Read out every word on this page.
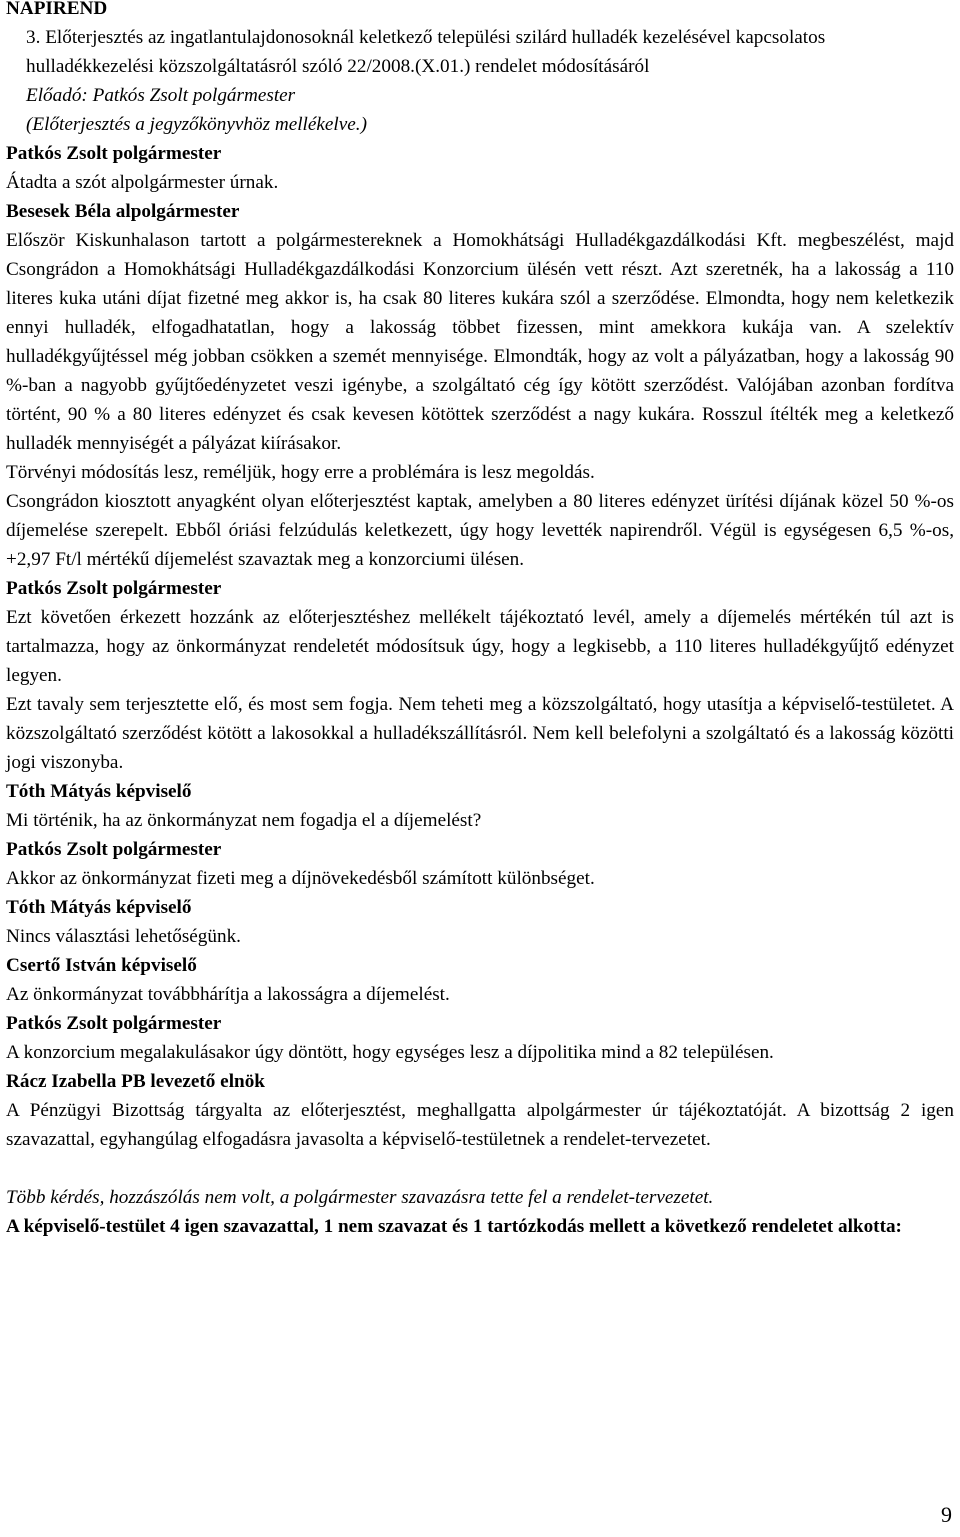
NAPIREND

3. Előterjesztés az ingatlantulajdonosoknál keletkező települési szilárd hulladék kezelésével kapcsolatos hulladékkezelési közszolgáltatásról szóló 22/2008.(X.01.) rendelet módosításáról

Előadó: Patkós Zsolt polgármester

(Előterjesztés a jegyzőkönyvhöz mellékelve.)

Patkós Zsolt polgármester

Átadta a szót alpolgármester úrnak.

Besesek Béla alpolgármester

Először Kiskunhalason tartott a polgármestereknek a Homokhátsági Hulladékgazdálkodási Kft. megbeszélést, majd Csongrádon a Homokhátsági Hulladékgazdálkodási Konzorcium ülésén vett részt. Azt szeretnék, ha a lakosság a 110 literes kuka utáni díjat fizetné meg akkor is, ha csak 80 literes kukára szól a szerződése. Elmondta, hogy nem keletkezik ennyi hulladék, elfogadhatatlan, hogy a lakosság többet fizessen, mint amekkora kukája van. A szelektív hulladékgyűjtéssel még jobban csökken a szemét mennyisége. Elmondták, hogy az volt a pályázatban, hogy a lakosság 90 %-ban a nagyobb gyűjtőedényzetet veszi igénybe, a szolgáltató cég így kötött szerződést. Valójában azonban fordítva történt, 90 % a 80 literes edényzet és csak kevesen kötöttek szerződést a nagy kukára. Rosszul ítélték meg a keletkező hulladék mennyiségét a pályázat kiírásakor.

Törvényi módosítás lesz, reméljük, hogy erre a problémára is lesz megoldás.

Csongrádon kiosztott anyagként olyan előterjesztést kaptak, amelyben a 80 literes edényzet ürítési díjának közel 50 %-os díjemelése szerepelt. Ebből óriási felzúdulás keletkezett, úgy hogy levették napirendről. Végül is egységesen 6,5 %-os, +2,97 Ft/l mértékű díjemelést szavaztak meg a konzorciumi ülésen.

Patkós Zsolt polgármester

Ezt követően érkezett hozzánk az előterjesztéshez mellékelt tájékoztató levél, amely a díjemelés mértékén túl azt is tartalmazza, hogy az önkormányzat rendeletét módosítsuk úgy, hogy a legkisebb, a 110 literes hulladékgyűjtő edényzet legyen.

Ezt tavaly sem terjesztette elő, és most sem fogja. Nem teheti meg a közszolgáltató, hogy utasítja a képviselő-testületet. A közszolgáltató szerződést kötött a lakosokkal a hulladékszállításról. Nem kell belefolyni a szolgáltató és a lakosság közötti jogi viszonyba.

Tóth Mátyás képviselő

Mi történik, ha az önkormányzat nem fogadja el a díjemelést?

Patkós Zsolt polgármester

Akkor az önkormányzat fizeti meg a díjnövekedésből számított különbséget.

Tóth Mátyás képviselő

Nincs választási lehetőségünk.

Csertő István képviselő

Az önkormányzat továbbhárítja a lakosságra a díjemelést.

Patkós Zsolt polgármester

A konzorcium megalakulásakor úgy döntött, hogy egységes lesz a díjpolitika mind a 82 településen.

Rácz Izabella PB levezető elnök

A Pénzügyi Bizottság tárgyalta az előterjesztést, meghallgatta alpolgármester úr tájékoztatóját. A bizottság 2 igen szavazattal, egyhangúlag elfogadásra javasolta a képviselő-testületnek a rendelet-tervezetet.

Több kérdés, hozzászólás nem volt, a polgármester szavazásra tette fel a rendelet-tervezetet.

A képviselő-testület 4 igen szavazattal, 1 nem szavazat és 1 tartózkodás mellett a következő rendeletet alkotta:

9
